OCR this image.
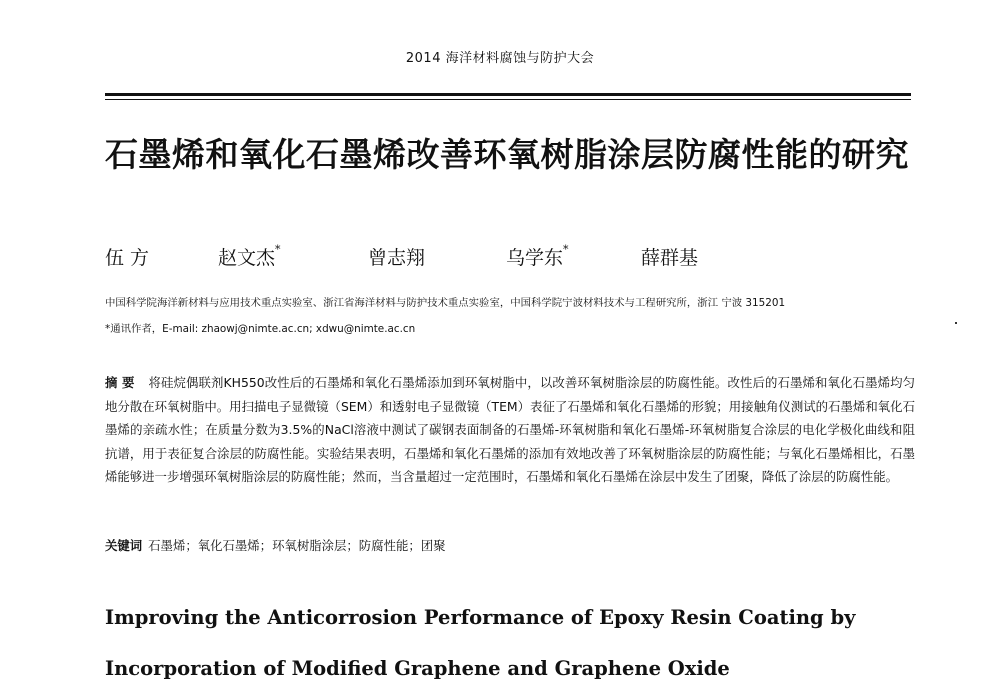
2014 海洋材料腐蚀与防护大会
石墨烯和氧化石墨烯改善环氧树脂涂层防腐性能的研究
伍 方	赵文杰*	曾志翔	乌学东*	薛群基
中国科学院海洋新材料与应用技术重点实验室、浙江省海洋材料与防护技术重点实验室，中国科学院宁波材料技术与工程研究所，浙江 宁波 315201
*通讯作者，E-mail: zhaowj@nimte.ac.cn; xdwu@nimte.ac.cn
摘 要 将硅烷偶联剂KH550改性后的石墨烯和氧化石墨烯添加到环氧树脂中，以改善环氧树脂涂层的防腐性能。改性后的石墨烯和氧化石墨烯均匀地分散在环氧树脂中。用扫描电子显微镜（SEM）和透射电子显微镜（TEM）表征了石墨烯和氧化石墨烯的形貌；用接触角仪测试的石墨烯和氧化石墨烯的亲疏水性；在质量分数为3.5%的NaCl溶液中测试了碳钢表面制备的石墨烯-环氧树脂和氧化石墨烯-环氧树脂复合涂层的电化学极化曲线和阻抗谱，用于表征复合涂层的防腐性能。实验结果表明，石墨烯和氧化石墨烯的添加有效地改善了环氧树脂涂层的防腐性能；与氧化石墨烯相比，石墨烯能够进一步增强环氧树脂涂层的防腐性能；然而，当含量超过一定范围时，石墨烯和氧化石墨烯在涂层中发生了团聚，降低了涂层的防腐性能。
关键词 石墨烯；氧化石墨烯；环氧树脂涂层；防腐性能；团聚
Improving the Anticorrosion Performance of Epoxy Resin Coating by
Incorporation of Modified Graphene and Graphene Oxide
